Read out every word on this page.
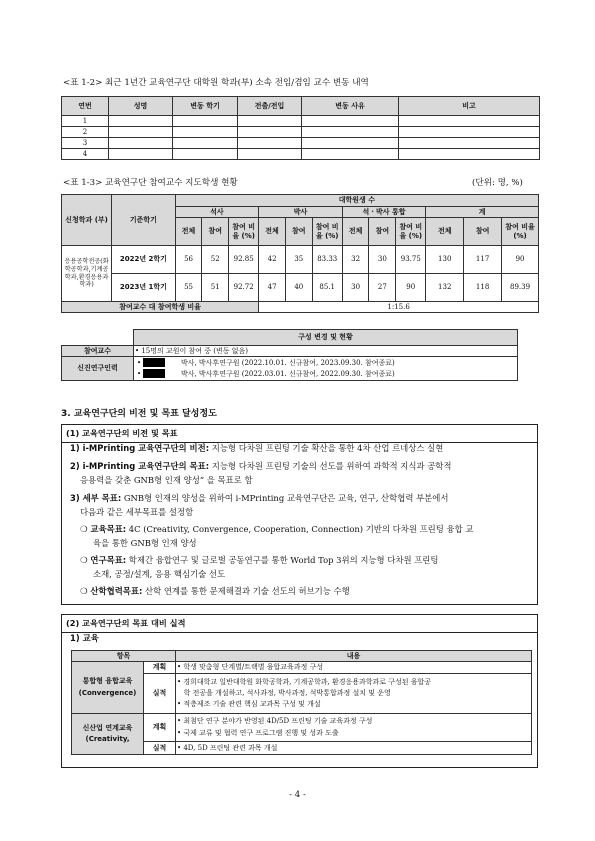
<표 1-2> 최근 1년간 교육연구단 대학원 학과(부) 소속 전임/겸임 교수 변동 내역
연번	성명	변동 학기	전출/전입	변동 사유	비고
1					
2					
3					
4					
<표 1-3> 교육연구단 참여교수 지도학생 현황	(단위: 명, %)
신청학과 (부)	기준학기	대학원생 수											
		석사			박사			석ㆍ박사 통합			계		
		전체	참여	참여 비율 (%)	전체	참여	참여 비율 (%)	전체	참여	참여 비율 (%)	전체	참여	참여 비율 (%)
응용공학전공(화학공학과,기계공학과,환경응용과학과)	2022년 2학기	56	52	92.85	42	35	83.33	32	30	93.75	130	117	90
	2023년 1학기	55	51	92.72	47	40	85.1	30	27	90	132	118	89.39
참여교수 대 참여학생 비율					1:15.6								
	구성 변경 및 현황
참여교수	• 15명의 교원이 참여 중 (변동 없음)
신진연구인력	• 박사, 박사후연구원 (2022.10.01. 신규참여, 2023.09.30. 참여종료)
• 박사, 박사후연구원 (2022.03.01. 신규참여, 2022.09.30. 참여종료)
3. 교육연구단의 비전 및 목표 달성정도
(1) 교육연구단의 비전 및 목표
1) i-MPrinting 교육연구단의 비전: 지능형 다차원 프린팅 기술 확산을 통한 4차 산업 르네상스 실현
2) i-MPrinting 교육연구단의 목표: 지능형 다차원 프린팅 기술의 선도를 위하여 과학적 지식과 공학적
응용력을 갖춘 GNB형 인재 양성” 을 목표로 함
3) 세부 목표: GNB형 인재의 양성을 위하여 i-MPrinting 교육연구단은 교육, 연구, 산학협력 부분에서
다음과 같은 세부목표를 설정함
❍ 교육목표: 4C (Creativity, Convergence, Cooperation, Connection) 기반의 다차원 프린팅 융합 교
육을 통한 GNB형 인재 양성
❍ 연구목표: 학제간 융합연구 및 글로벌 공동연구를 통한 World Top 3위의 지능형 다차원 프린팅
소재, 공정/설계, 응용 핵심기술 선도
❍ 산학협력목표: 산학 연계를 통한 문제해결과 기술 선도의 허브기능 수행
(2) 교육연구단의 목표 대비 실적
1) 교육
항목		내용
통합형 융합교육 (Convergence)	계획	• 학생 맞춤형 단계별/트랙별 융합교육과정 구성
	실적	• 경희대학교 일반대학원 화학공학과, 기계공학과, 환경응용과학과로 구성된 융합공
학 전공을 개설하고, 석사과정, 박사과정, 석박통합과정 설치 및 운영
• 적층제조 기술 관련 핵심 교과목 구성 및 개설

신산업 연계교육 (Creativity,	계획	• 최첨단 연구 분야가 반영된 4D/5D 프린팅 기술 교육과정 구성
• 국제 교류 및 협력 연구 프로그램 진행 및 성과 도출

	실적	• 4D, 5D 프린팅 관련 과목 개설
- 4 -
